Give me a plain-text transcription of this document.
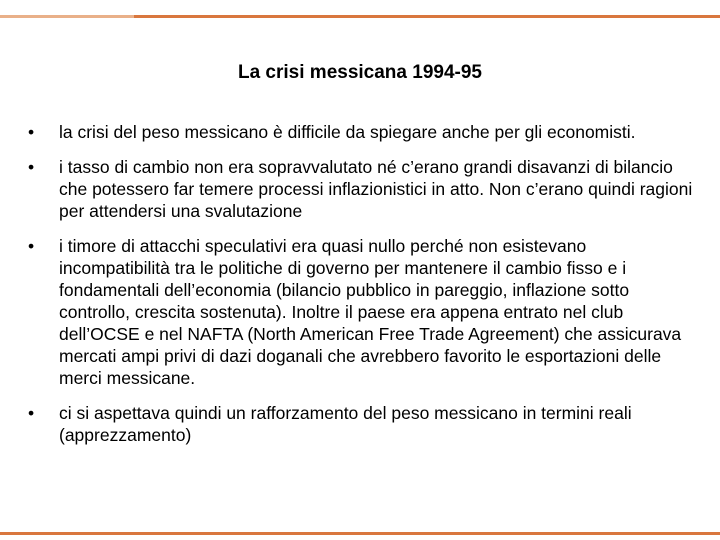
La crisi messicana 1994-95
• la crisi del peso messicano è difficile da spiegare anche per gli economisti.
• i tasso di cambio non era sopravvalutato né c’erano grandi disavanzi di bilancio che potessero far temere processi inflazionistici in atto. Non c’erano quindi ragioni per attendersi una svalutazione
• i timore di attacchi speculativi era quasi nullo perché non esistevano incompatibilità tra le politiche di governo per mantenere il cambio fisso e i fondamentali dell’economia (bilancio pubblico in pareggio, inflazione sotto controllo, crescita sostenuta). Inoltre il paese era appena entrato nel club dell’OCSE e nel NAFTA (North American Free Trade Agreement) che assicurava mercati ampi privi di dazi doganali che avrebbero favorito le esportazioni delle merci messicane.
• ci si aspettava quindi un rafforzamento del peso messicano in termini reali (apprezzamento)
